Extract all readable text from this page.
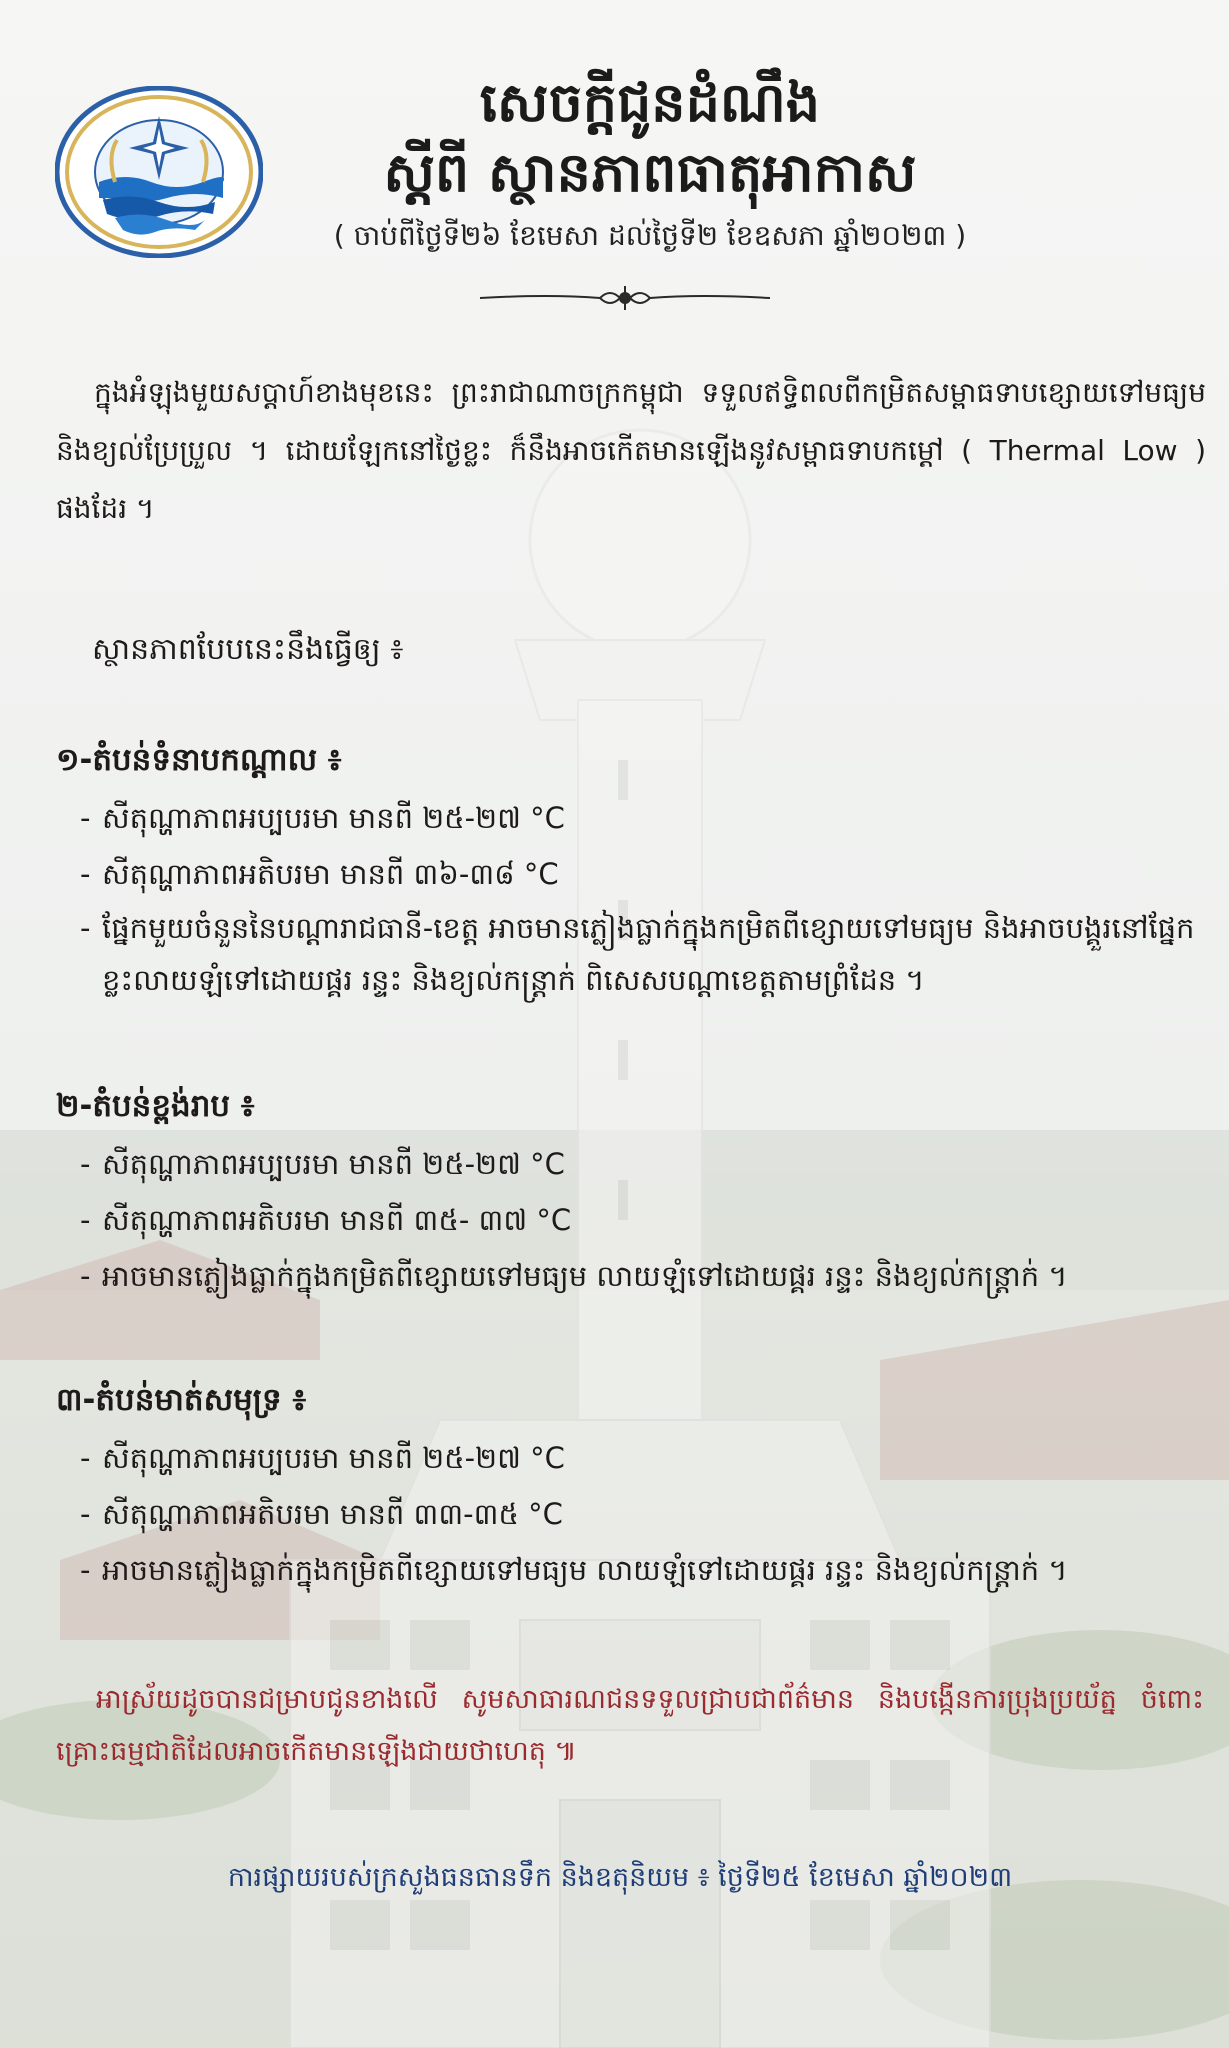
សេចក្តីជូនដំណឹង
ស្តីពី ស្ថានភាពធាតុអាកាស
( ចាប់ពីថ្ងៃទី២៦ ខែមេសា ដល់ថ្ងៃទី២ ខែឧសភា ឆ្នាំ២០២៣ )

ក្នុងអំឡុងមួយសប្តាហ៍ខាងមុខនេះ ព្រះរាជាណាចក្រកម្ពុជា ទទួលឥទ្ធិពលពីកម្រិតសម្ពាធទាបខ្សោយទៅមធ្យមនិងខ្យល់ប្រែប្រួល ។ ដោយឡែកនៅថ្ងៃខ្លះ ក៏នឹងអាចកើតមានឡើងនូវសម្ពាធទាបកម្តៅ ( Thermal Low ) ផងដែរ ។

ស្ថានភាពបែបនេះនឹងធ្វើឲ្យ ៖

១-តំបន់ទំនាបកណ្តាល ៖
- សីតុណ្ហាភាពអប្បបរមា មានពី ២៥-២៧ °C
- សីតុណ្ហាភាពអតិបរមា មានពី ៣៦-៣៨ °C
- ផ្នែកមួយចំនួននៃបណ្តារាជធានី-ខេត្ត អាចមានភ្លៀងធ្លាក់ក្នុងកម្រិតពីខ្សោយទៅមធ្យម និងអាចបង្គួរនៅផ្នែកខ្លះលាយឡំទៅដោយផ្គរ រន្ទះ និងខ្យល់កន្ត្រាក់ ពិសេសបណ្តាខេត្តតាមព្រំដែន ។
២-តំបន់ខ្ពង់រាប ៖
- សីតុណ្ហាភាពអប្បបរមា មានពី ២៥-២៧ °C
- សីតុណ្ហាភាពអតិបរមា មានពី ៣៥- ៣៧ °C
- អាចមានភ្លៀងធ្លាក់ក្នុងកម្រិតពីខ្សោយទៅមធ្យម លាយឡំទៅដោយផ្គរ រន្ទះ និងខ្យល់កន្ត្រាក់ ។
៣-តំបន់មាត់សមុទ្រ ៖
- សីតុណ្ហាភាពអប្បបរមា មានពី ២៥-២៧ °C
- សីតុណ្ហាភាពអតិបរមា មានពី ៣៣-៣៥ °C
- អាចមានភ្លៀងធ្លាក់ក្នុងកម្រិតពីខ្សោយទៅមធ្យម លាយឡំទៅដោយផ្គរ រន្ទះ និងខ្យល់កន្ត្រាក់ ។

អាស្រ័យដូចបានជម្រាបជូនខាងលើ សូមសាធារណជនទទួលជ្រាបជាព័ត៌មាន និងបង្កើនការប្រុងប្រយ័ត្ន ចំពោះគ្រោះធម្មជាតិដែលអាចកើតមានឡើងជាយថាហេតុ ៕

ការផ្សាយរបស់ក្រសួងធនធានទឹក និងឧតុនិយម ៖ ថ្ងៃទី២៥ ខែមេសា ឆ្នាំ២០២៣
